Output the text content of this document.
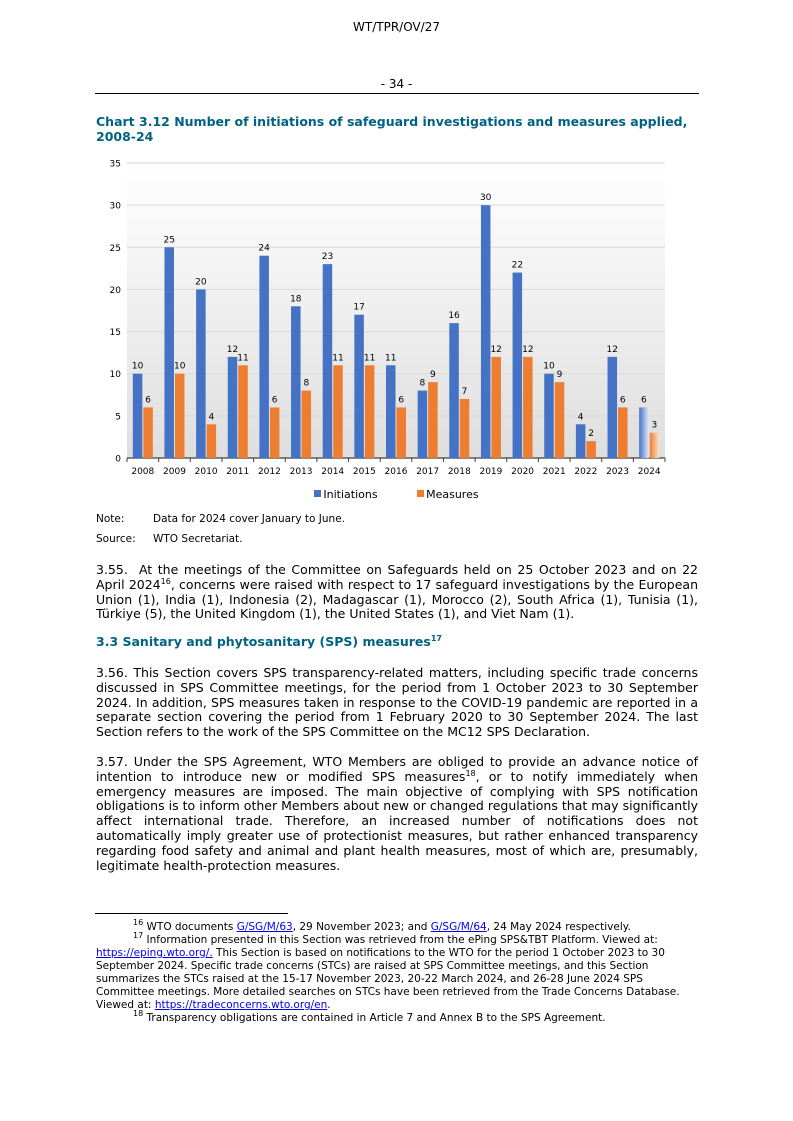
WT/TPR/OV/27
- 34 -
Chart 3.12 Number of initiations of safeguard investigations and measures applied,
2008-24
0
5
10
15
20
25
30
35
2008
10
6
2009
25
10
2010
20
4
2011
12
11
2012
24
6
2013
18
8
2014
23
11
2015
17
11
2016
11
6
2017
8
9
2018
16
7
2019
30
12
2020
22
12
2021
10
9
2022
4
2
2023
12
6
2024
6
3
Initiations	Measures
Note:	Data for 2024 cover January to June.
Source: WTO Secretariat.
3.55. At the meetings of the Committee on Safeguards held on 25 October 2023 and on 22 April 2024$^{16}$, concerns were raised with respect to 17 safeguard investigations by the European Union (1), India (1), Indonesia (2), Madagascar (1), Morocco (2), South Africa (1), Tunisia (1), Türkiye (5), the United Kingdom (1), the United States (1), and Viet Nam (1).
3.3 Sanitary and phytosanitary (SPS) measures$^{17}$
3.56. This Section covers SPS transparency-related matters, including specific trade concerns discussed in SPS Committee meetings, for the period from 1 October 2023 to 30 September 2024. In addition, SPS measures taken in response to the COVID-19 pandemic are reported in a separate section covering the period from 1 February 2020 to 30 September 2024. The last Section refers to the work of the SPS Committee on the MC12 SPS Declaration.
3.57. Under the SPS Agreement, WTO Members are obliged to provide an advance notice of intention to introduce new or modified SPS measures$^{18}$, or to notify immediately when emergency measures are imposed. The main objective of complying with SPS notification obligations is to inform other Members about new or changed regulations that may significantly affect international trade. Therefore, an increased number of notifications does not automatically imply greater use of protectionist measures, but rather enhanced transparency regarding food safety and animal and plant health measures, most of which are, presumably, legitimate health-protection measures.
$^{16}$ WTO documents G/SG/M/63, 29 November 2023; and G/SG/M/64, 24 May 2024 respectively.
$^{17}$ Information presented in this Section was retrieved from the ePing SPS&TBT Platform. Viewed at: https://eping.wto.org/. This Section is based on notifications to the WTO for the period 1 October 2023 to 30 September 2024. Specific trade concerns (STCs) are raised at SPS Committee meetings, and this Section summarizes the STCs raised at the 15-17 November 2023, 20-22 March 2024, and 26-28 June 2024 SPS Committee meetings. More detailed searches on STCs have been retrieved from the Trade Concerns Database. Viewed at: https://tradeconcerns.wto.org/en.
$^{18}$ Transparency obligations are contained in Article 7 and Annex B to the SPS Agreement.
